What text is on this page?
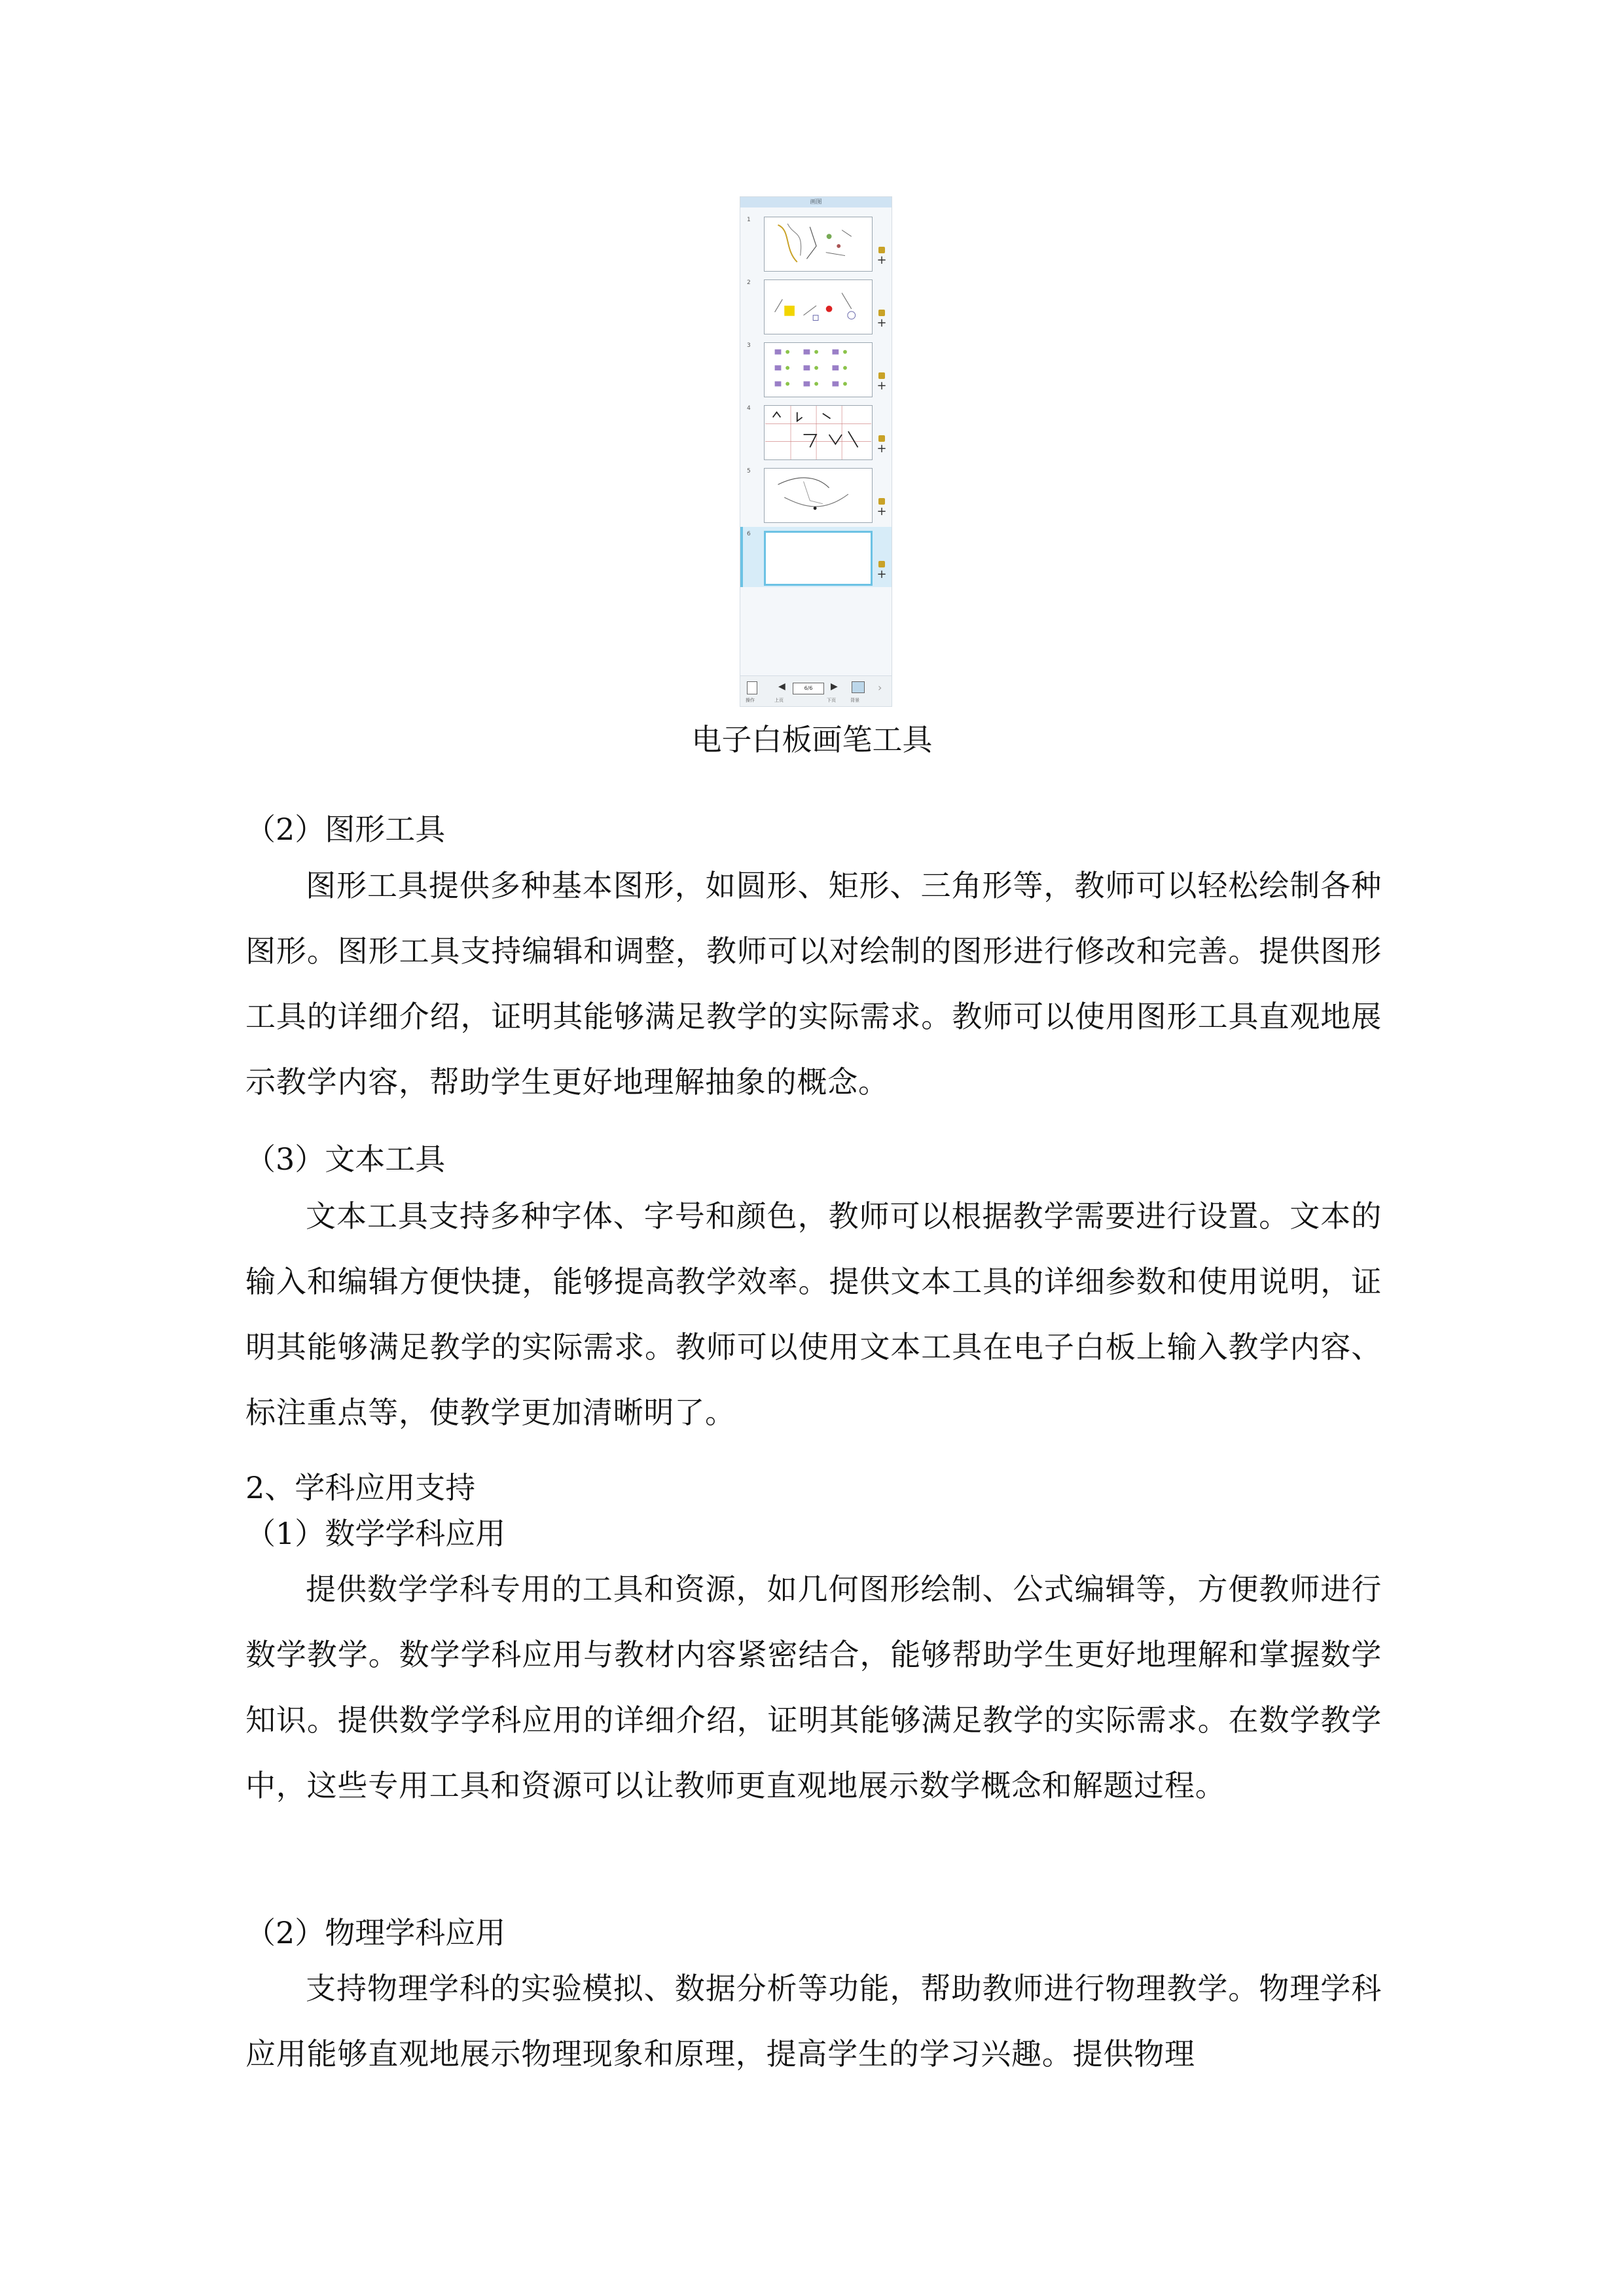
画图
1
+
2
+
3
+
4
+
5
+
6
+
◀	6/6	▶	›
操作	上页	下页	背景
电子白板画笔工具
（2）图形工具
图形工具提供多种基本图形，如圆形、矩形、三角形等，教师可以轻松绘制各种图形。图形工具支持编辑和调整，教师可以对绘制的图形进行修改和完善。提供图形工具的详细介绍，证明其能够满足教学的实际需求。教师可以使用图形工具直观地展示教学内容，帮助学生更好地理解抽象的概念。
（3）文本工具
文本工具支持多种字体、字号和颜色，教师可以根据教学需要进行设置。文本的输入和编辑方便快捷，能够提高教学效率。提供文本工具的详细参数和使用说明，证明其能够满足教学的实际需求。教师可以使用文本工具在电子白板上输入教学内容、标注重点等，使教学更加清晰明了。
2、学科应用支持
（1）数学学科应用
提供数学学科专用的工具和资源，如几何图形绘制、公式编辑等，方便教师进行数学教学。数学学科应用与教材内容紧密结合，能够帮助学生更好地理解和掌握数学知识。提供数学学科应用的详细介绍，证明其能够满足教学的实际需求。在数学教学中，这些专用工具和资源可以让教师更直观地展示数学概念和解题过程。
（2）物理学科应用
支持物理学科的实验模拟、数据分析等功能，帮助教师进行物理教学。物理学科应用能够直观地展示物理现象和原理，提高学生的学习兴趣。提供物理
